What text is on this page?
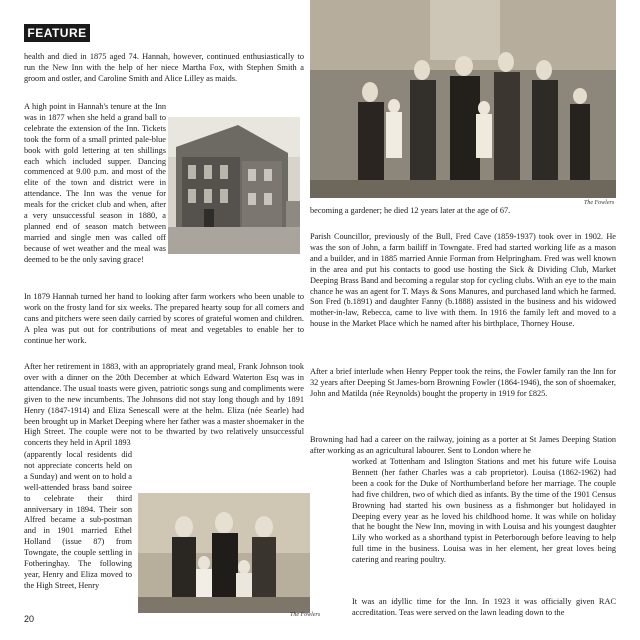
FEATURE

health and died in 1875 aged 74. Hannah, however, continued enthusiastically to run the New Inn with the help of her niece Martha Fox, with Stephen Smith a groom and ostler, and Caroline Smith and Alice Lilley as maids.

A high point in Hannah's tenure at the Inn was in 1877 when she held a grand ball to celebrate the extension of the Inn. Tickets took the form of a small printed pale-blue book with gold lettering at ten shillings each which included supper. Dancing commenced at 9.00 p.m. and most of the elite of the town and district were in attendance. The Inn was the venue for meals for the cricket club and when, after a very unsuccessful season in 1880, a planned end of season match between married and single men was called off because of wet weather and the meal was deemed to be the only saving grace!

In 1879 Hannah turned her hand to looking after farm workers who been unable to work on the frosty land for six weeks. The prepared hearty soup for all comers and cans and pitchers were seen daily carried by scores of grateful women and children. A plea was put out for contributions of meat and vegetables to enable her to continue her work.

After her retirement in 1883, with an appropriately grand meal, Frank Johnson took over with a dinner on the 20th December at which Edward Waterton Esq was in attendance. The usual toasts were given, patriotic songs sung and compliments were given to the new incumbents. The Johnsons did not stay long though and by 1891 Henry (1847-1914) and Eliza Senescall were at the helm. Eliza (née Searle) had been brought up in Market Deeping where her father was a master shoemaker in the High Street. The couple were not to be thwarted by two relatively unsuccessful concerts they held in April 1893

(apparently local residents did not appreciate concerts held on a Sunday) and went on to hold a well-attended brass band soiree to celebrate their third anniversary in 1894. Their son Alfred became a sub-postman and in 1901 married Ethel Holland (issue 87) from Towngate, the couple settling in Fotheringhay. The following year, Henry and Eliza moved to the High Street, Henry

The Fowlers
The Fowlers

becoming a gardener; he died 12 years later at the age of 67.

Parish Councillor, previously of the Bull, Fred Cave (1859-1937) took over in 1902. He was the son of John, a farm bailiff in Towngate. Fred had started working life as a mason and a builder, and in 1885 married Annie Forman from Helpringham. Fred was well known in the area and put his contacts to good use hosting the Sick & Dividing Club, Market Deeping Brass Band and becoming a regular stop for cycling clubs. With an eye to the main chance he was an agent for T. Mays & Sons Manures, and purchased land which he farmed. Son Fred (b.1891) and daughter Fanny (b.1888) assisted in the business and his widowed mother-in-law, Rebecca, came to live with them. In 1916 the family left and moved to a house in the Market Place which he named after his birthplace, Thorney House.

After a brief interlude when Henry Pepper took the reins, the Fowler family ran the Inn for 32 years after Deeping St James-born Browning Fowler (1864-1946), the son of shoemaker, John and Matilda (née Reynolds) bought the property in 1919 for £825.

Browning had had a career on the railway, joining as a porter at St James Deeping Station after working as an agricultural labourer. Sent to London where he

worked at Tottenham and Islington Stations and met his future wife Louisa Bennett (her father Charles was a cab proprietor). Louisa (1862-1962) had been a cook for the Duke of Northumberland before her marriage. The couple had five children, two of which died as infants. By the time of the 1901 Census Browning had started his own business as a fishmonger but holidayed in Deeping every year as he loved his childhood home. It was while on holiday that he bought the New Inn, moving in with Louisa and his youngest daughter Lily who worked as a shorthand typist in Peterborough before leaving to help full time in the business. Louisa was in her element, her great loves being catering and rearing poultry.

It was an idyllic time for the Inn. In 1923 it was officially given RAC accreditation. Teas were served on the lawn leading down to the

20
